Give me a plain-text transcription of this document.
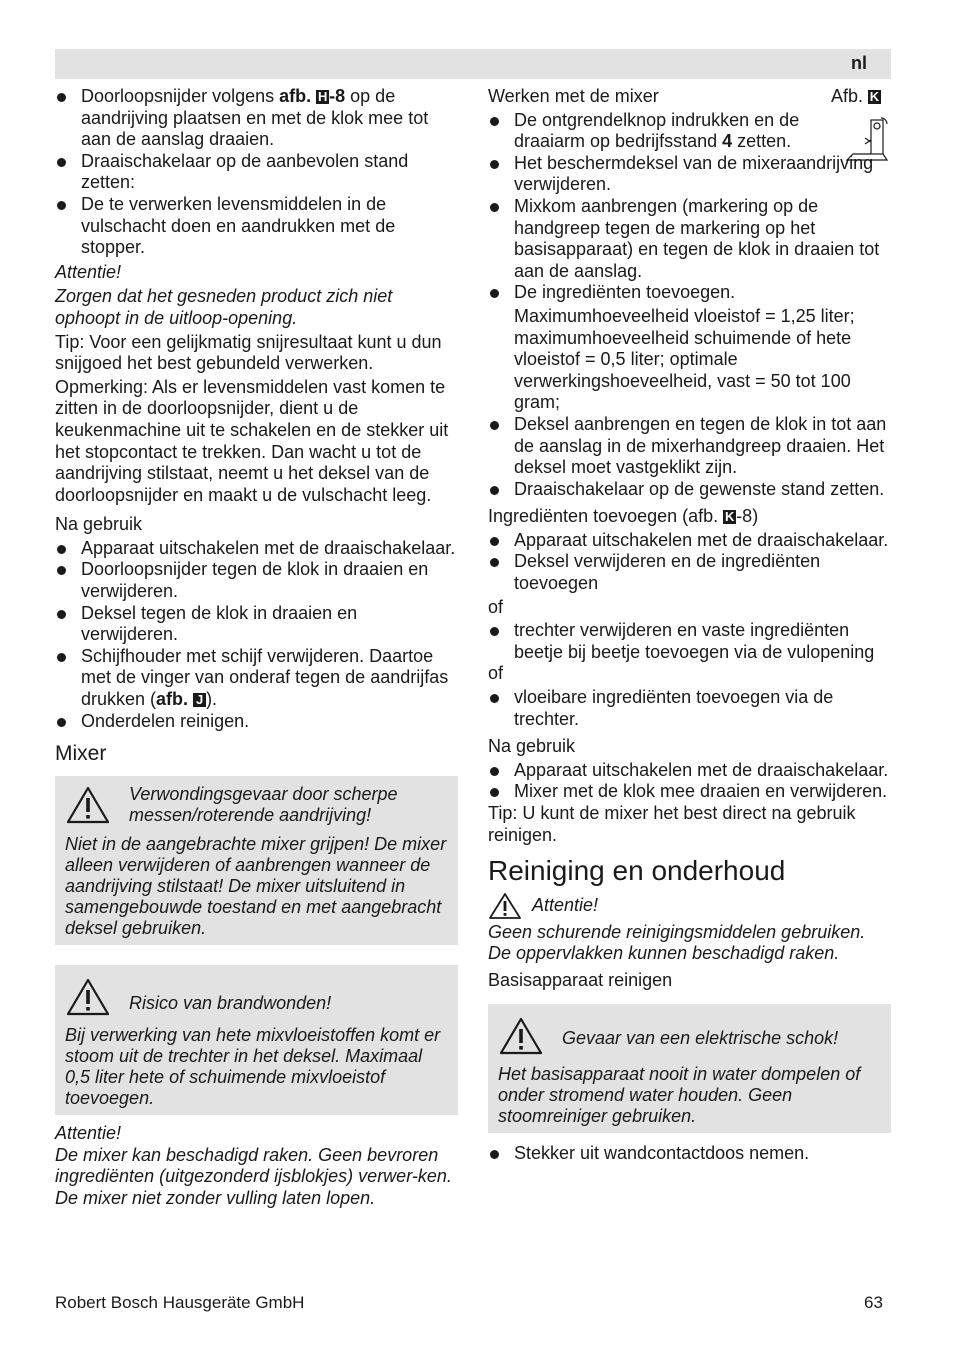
nl
Doorloopsnijder volgens afb. H -8 op de aandrijving plaatsen en met de klok mee tot aan de aanslag draaien.
Draaischakelaar op de aanbevolen stand zetten:
De te verwerken levensmiddelen in de vulschacht doen en aandrukken met de stopper.

Attentie!

Zorgen dat het gesneden product zich niet ophoopt in de uitloop-opening.

Tip: Voor een gelijkmatig snijresultaat kunt u dun snijgoed het best gebundeld verwerken.

Opmerking: Als er levensmiddelen vast komen te zitten in de doorloopsnijder, dient u de keukenmachine uit te schakelen en de stekker uit het stopcontact te trekken. Dan wacht u tot de aandrijving stilstaat, neemt u het deksel van de doorloopsnijder en maakt u de vulschacht leeg.

Na gebruik

Apparaat uitschakelen met de draaischakelaar.
Doorloopsnijder tegen de klok in draaien en verwijderen.
Deksel tegen de klok in draaien en verwijderen.
Schijfhouder met schijf verwijderen. Daartoe met de vinger van onderaf tegen de aandrijfas drukken (afb. J ).
Onderdelen reinigen.

Mixer

Verwondingsgevaar door scherpe messen/roterende aandrijving!
Niet in de aangebrachte mixer grijpen! De mixer alleen verwijderen of aanbrengen wanneer de aandrijving stilstaat! De mixer uitsluitend in samengebouwde toestand en met aangebracht deksel gebruiken.
Risico van brandwonden!
Bij verwerking van hete mixvloeistoffen komt er stoom uit de trechter in het deksel. Maximaal 0,5 liter hete of schuimende mixvloeistof toevoegen.

Attentie!

De mixer kan beschadigd raken. Geen bevroren ingrediënten (uitgezonderd ijsblokjes) verwer-ken. De mixer niet zonder vulling laten lopen.

Werken met de mixer	Afb. K
De ontgrendelknop indrukken en de draaiarm op bedrijfsstand 4 zetten.
Het beschermdeksel van de mixeraandrijving verwijderen.
Mixkom aanbrengen (markering op de handgreep tegen de markering op het basisapparaat) en tegen de klok in draaien tot aan de aanslag.
De ingrediënten toevoegen.

Maximumhoeveelheid vloeistof = 1,25 liter; maximumhoeveelheid schuimende of hete vloeistof = 0,5 liter; optimale verwerkingshoeveelheid, vast = 50 tot 100 gram;
Deksel aanbrengen en tegen de klok in tot aan de aanslag in de mixerhandgreep draaien. Het deksel moet vastgeklikt zijn.
Draaischakelaar op de gewenste stand zetten.

Ingrediënten toevoegen (afb. K -8)

Apparaat uitschakelen met de draaischakelaar.
Deksel verwijderen en de ingrediënten toevoegen

of

trechter verwijderen en vaste ingrediënten beetje bij beetje toevoegen via de vulopening

of

vloeibare ingrediënten toevoegen via de trechter.

Na gebruik

Apparaat uitschakelen met de draaischakelaar.
Mixer met de klok mee draaien en verwijderen.

Tip: U kunt de mixer het best direct na gebruik reinigen.

Reiniging en onderhoud

Attentie!

Geen schurende reinigingsmiddelen gebruiken. De oppervlakken kunnen beschadigd raken.

Basisapparaat reinigen

Gevaar van een elektrische schok!
Het basisapparaat nooit in water dompelen of onder stromend water houden. Geen stoomreiniger gebruiken.
Stekker uit wandcontactdoos nemen.
Robert Bosch Hausgeräte GmbH	63
